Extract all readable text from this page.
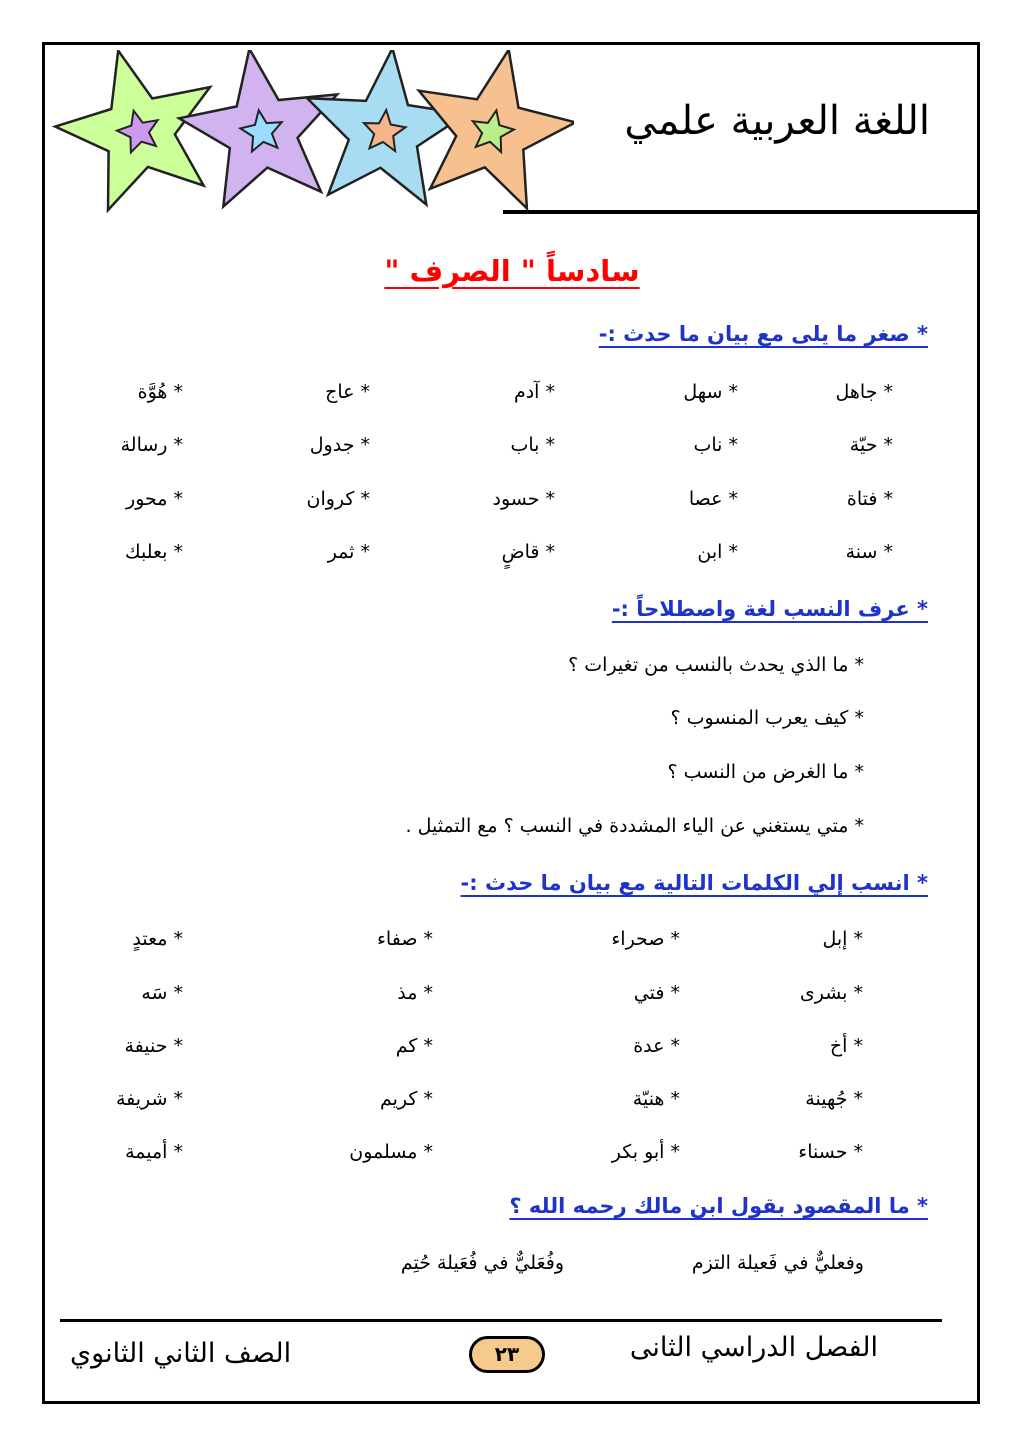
اللغة العربية علمي
سادساً " الصرف "
* صغر ما يلى مع بيان ما حدث :-
* جاهل
* سهل
* آدم
* عاج
* هُوَّة
* حيّة
* ناب
* باب
* جدول
* رسالة
* فتاة
* عصا
* حسود
* كروان
* محور
* سنة
* ابن
* قاضٍ
* ثمر
* بعلبك
* عرف النسب لغة واصطلاحاً :-
* ما الذي يحدث بالنسب من تغيرات ؟
* كيف يعرب المنسوب ؟
* ما الغرض من النسب ؟
* متي يستغني عن الياء المشددة في النسب ؟ مع التمثيل .
* انسب إلي الكلمات التالية مع بيان ما حدث :-
* إبل
* صحراء
* صفاء
* معتدٍ
* بشرى
* فتي
* مذ
* سَه
* أخ
* عدة
* كم
* حنيفة
* جُهينة
* هنيّة
* كريم
* شريفة
* حسناء
* أبو بكر
* مسلمون
* أميمة
* ما المقصود بقول ابن مالك رحمه الله ؟
وفعليٌّ في فَعيلة التزم
وفُعَليٌّ في فُعَيلة حُتِم
الفصل الدراسي الثانى
٢٣
الصف الثاني الثانوي
